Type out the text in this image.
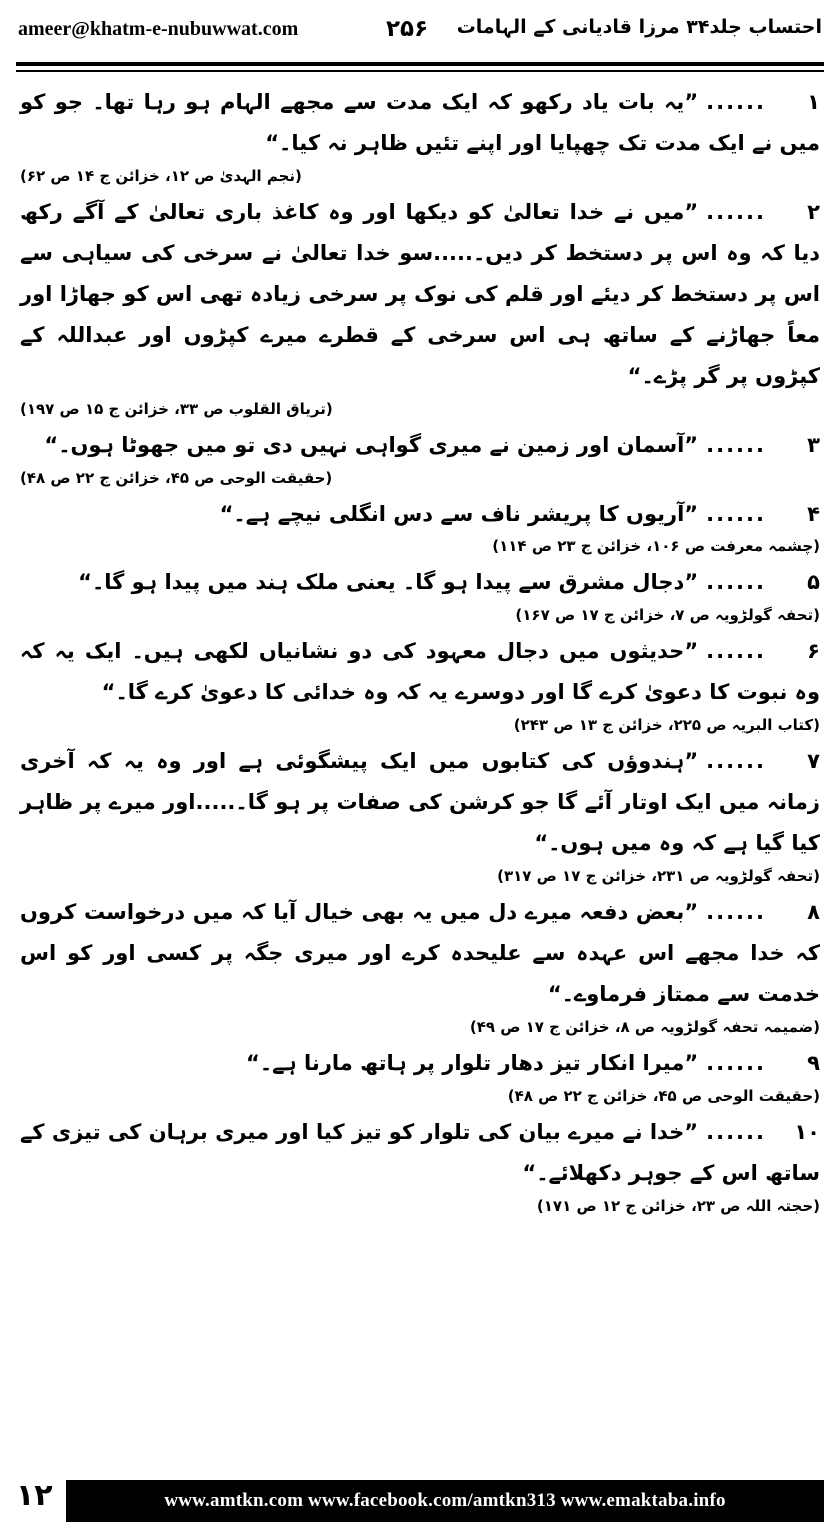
احتساب جلد۳۴ مرزا قادیانی کے الہامات
۲۵۶
ameer@khatm-e-nubuwwat.com
۱......”یہ بات یاد رکھو کہ ایک مدت سے مجھے الہام ہو رہا تھا۔ جو کو میں نے ایک مدت تک چھپایا اور اپنے تئیں ظاہر نہ کیا۔“
(نجم الہدیٰ ص ۱۲، خزائن ج ۱۴ ص ۶۲)
۲......”میں نے خدا تعالیٰ کو دیکھا اور وہ کاغذ باری تعالیٰ کے آگے رکھ دیا کہ وہ اس پر دستخط کر دیں۔.....سو خدا تعالیٰ نے سرخی کی سیاہی سے اس پر دستخط کر دیئے اور قلم کی نوک پر سرخی زیادہ تھی اس کو جھاڑا اور معاً جھاڑنے کے ساتھ ہی اس سرخی کے قطرے میرے کپڑوں اور عبداللہ کے کپڑوں پر گر پڑے۔“
(تریاق القلوب ص ۳۳، خزائن ج ۱۵ ص ۱۹۷)
۳......”آسمان اور زمین نے میری گواہی نہیں دی تو میں جھوٹا ہوں۔“
(حقیقت الوحی ص ۴۵، خزائن ج ۲۲ ص ۴۸)
۴......”آریوں کا پریشر ناف سے دس انگلی نیچے ہے۔“
(چشمہ معرفت ص ۱۰۶، خزائن ج ۲۳ ص ۱۱۴)
۵......”دجال مشرق سے پیدا ہو گا۔ یعنی ملک ہند میں پیدا ہو گا۔“
(تحفہ گولڑویہ ص ۷، خزائن ج ۱۷ ص ۱۶۷)
۶......”حدیثوں میں دجال معہود کی دو نشانیاں لکھی ہیں۔ ایک یہ کہ وہ نبوت کا دعویٰ کرے گا اور دوسرے یہ کہ وہ خدائی کا دعویٰ کرے گا۔“
(کتاب البریہ ص ۲۲۵، خزائن ج ۱۳ ص ۲۴۳)
۷......”ہندوؤں کی کتابوں میں ایک پیشگوئی ہے اور وہ یہ کہ آخری زمانہ میں ایک اوتار آئے گا جو کرشن کی صفات پر ہو گا۔.....اور میرے پر ظاہر کیا گیا ہے کہ وہ میں ہوں۔“
(تحفہ گولڑویہ ص ۲۳۱، خزائن ج ۱۷ ص ۳۱۷)
۸......”بعض دفعہ میرے دل میں یہ بھی خیال آیا کہ میں درخواست کروں کہ خدا مجھے اس عہدہ سے علیحدہ کرے اور میری جگہ پر کسی اور کو اس خدمت سے ممتاز فرماوے۔“
(ضمیمہ تحفہ گولڑویہ ص ۸، خزائن ج ۱۷ ص ۴۹)
۹......”میرا انکار تیز دھار تلوار پر ہاتھ مارنا ہے۔“
(حقیقت الوحی ص ۴۵، خزائن ج ۲۲ ص ۴۸)
۱۰......”خدا نے میرے بیان کی تلوار کو تیز کیا اور میری برہان کی تیزی کے ساتھ اس کے جوہر دکھلائے۔“
(حجتہ اللہ ص ۲۳، خزائن ج ۱۲ ص ۱۷۱)
۱۲	www.amtkn.com www.facebook.com/amtkn313 www.emaktaba.info
